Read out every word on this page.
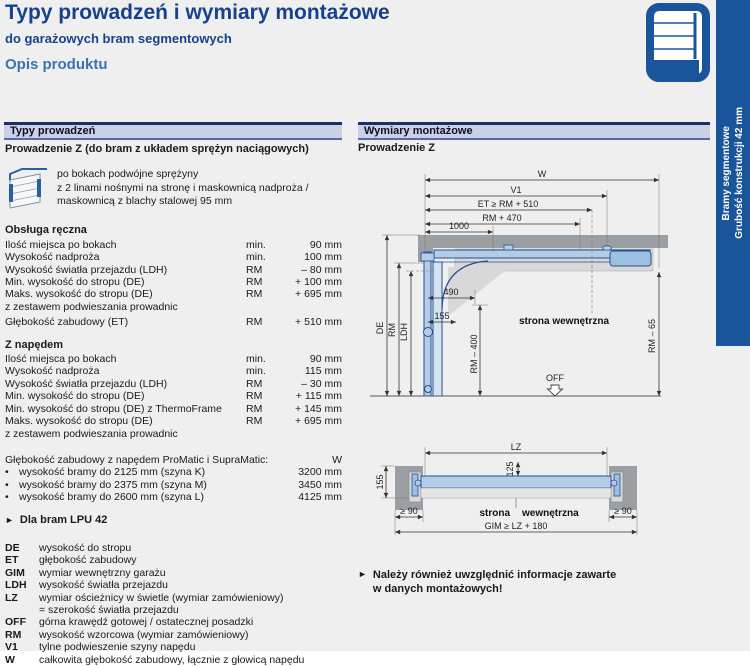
Typy prowadzeń i wymiary montażowe
do garażowych bram segmentowych
Opis produktu
Bramy segmentowe Grubość konstrukcji 42 mm
Typy prowadzeń	Wymiary montażowe
Prowadzenie Z (do bram z układem sprężyn naciągowych)
po bokach podwójne sprężyny
z 2 linami nośnymi na stronę i maskownicą nadproża /
maskownicą z blachy stalowej 95 mm
Obsługa ręczna
Ilość miejsca po bokach	min.	90 mm
Wysokość nadproża	min.	100 mm
Wysokość światła przejazdu (LDH)	RM	– 80 mm
Min. wysokość do stropu (DE)	RM	+ 100 mm
Maks. wysokość do stropu (DE)	RM	+ 695 mm
z zestawem podwieszania prowadnic
Głębokość zabudowy (ET)	RM	+ 510 mm
Z napędem
Ilość miejsca po bokach	min.	90 mm
Wysokość nadproża	min.	115 mm
Wysokość światła przejazdu (LDH)	RM	– 30 mm
Min. wysokość do stropu (DE)	RM	+ 115 mm
Min. wysokość do stropu (DE) z ThermoFrame	RM	+ 145 mm
Maks. wysokość do stropu (DE)	RM	+ 695 mm
z zestawem podwieszania prowadnic
Głębokość zabudowy z napędem ProMatic i SupraMatic:	W
• wysokość bramy do 2125 mm (szyna K)	3200 mm
• wysokość bramy do 2375 mm (szyna M)	3450 mm
• wysokość bramy do 2600 mm (szyna L)	4125 mm
► Dla bram LPU 42
DE	wysokość do stropu
ET	głębokość zabudowy
GIM	wymiar wewnętrzny garażu
LDH	wysokość światła przejazdu
LZ	wymiar ościeżnicy w świetle (wymiar zamówieniowy)
= szerokość światła przejazdu
OFF	górna krawędź gotowej / ostatecznej posadzki
RM	wysokość wzorcowa (wymiar zamówieniowy)
V1	tylne podwieszenie szyny napędu
W	całkowita głębokość zabudowy, łącznie z głowicą napędu
Prowadzenie Z
W
V1
ET ≥ RM + 510
RM + 470
1000
490
155
RM – 400
DE RM LDH	RM – 65
strona wewnętrzna
OFF
LZ
125
155
≥ 90	≥ 90
strona wewnętrzna
GIM ≥ LZ + 180
► Należy również uwzględnić informacje zawarte
w danych montażowych!
